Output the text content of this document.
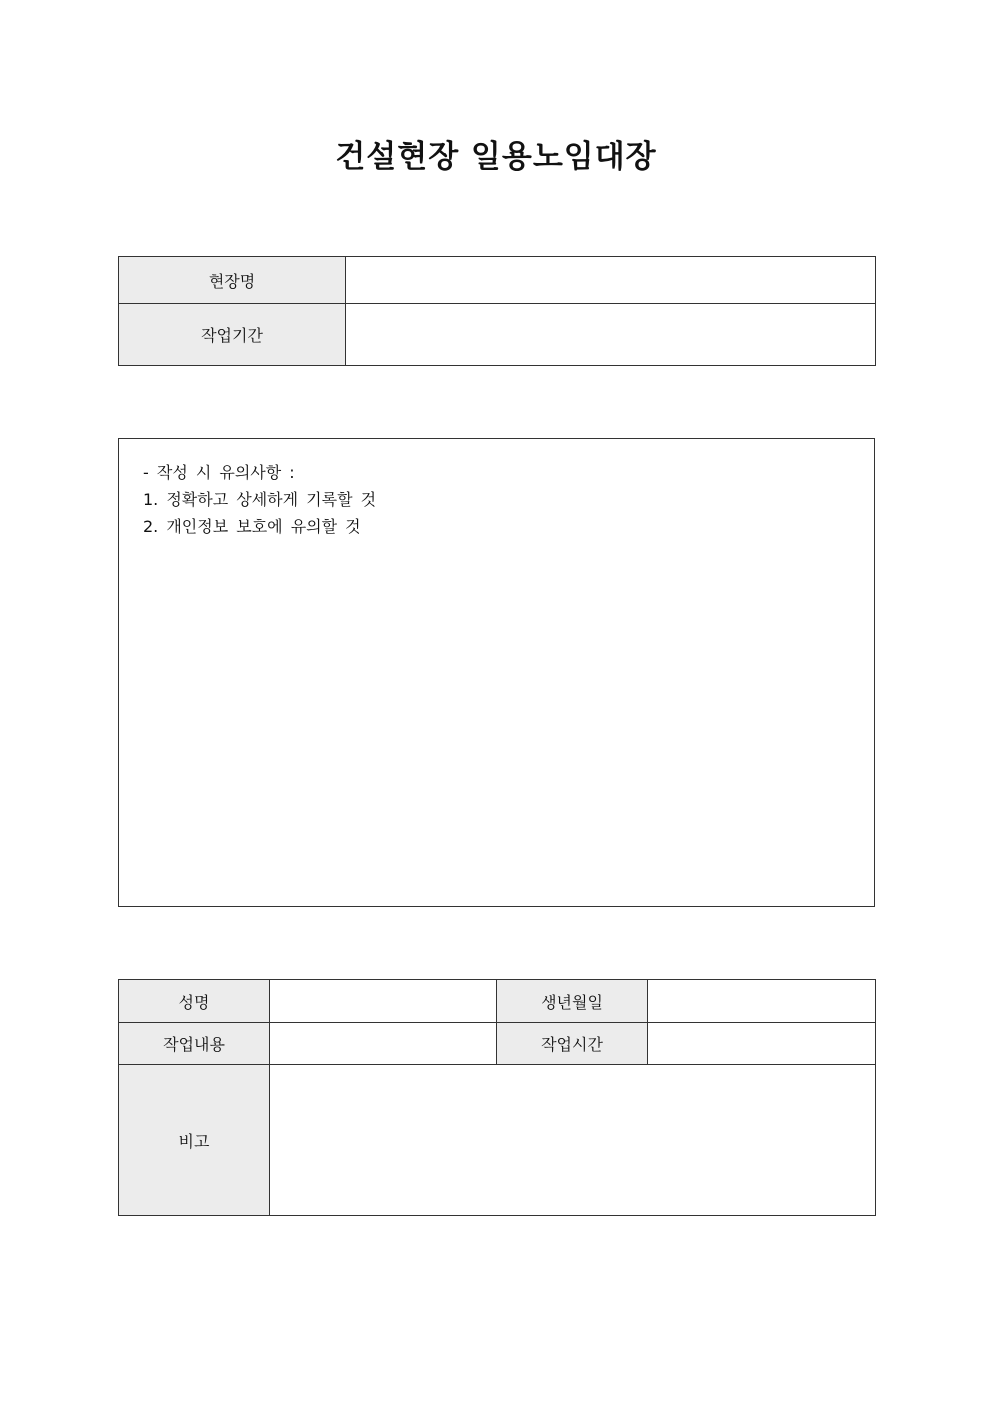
건설현장 일용노임대장
현장명	
작업기간	
- 작성 시 유의사항 :
1. 정확하고 상세하게 기록할 것
2. 개인정보 보호에 유의할 것
성명		생년월일	
작업내용		작업시간	
비고			
